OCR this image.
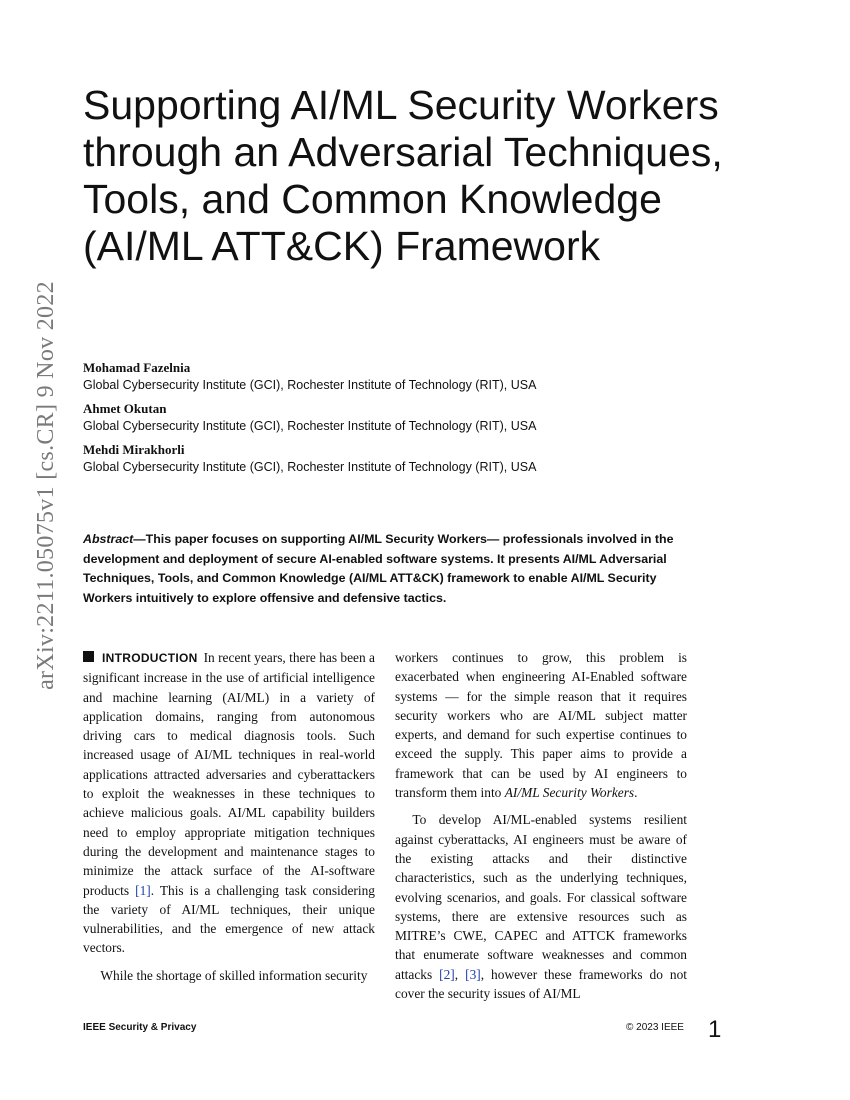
arXiv:2211.05075v1 [cs.CR] 9 Nov 2022
Supporting AI/ML Security Workers through an Adversarial Techniques, Tools, and Common Knowledge (AI/ML ATT&CK) Framework
Mohamad Fazelnia
Global Cybersecurity Institute (GCI), Rochester Institute of Technology (RIT), USA
Ahmet Okutan
Global Cybersecurity Institute (GCI), Rochester Institute of Technology (RIT), USA
Mehdi Mirakhorli
Global Cybersecurity Institute (GCI), Rochester Institute of Technology (RIT), USA

Abstract—This paper focuses on supporting AI/ML Security Workers— professionals involved in the development and deployment of secure AI-enabled software systems. It presents AI/ML Adversarial Techniques, Tools, and Common Knowledge (AI/ML ATT&CK) framework to enable AI/ML Security Workers intuitively to explore offensive and defensive tactics.

INTRODUCTION In recent years, there has been a significant increase in the use of artificial intelligence and machine learning (AI/ML) in a variety of application domains, ranging from autonomous driving cars to medical diagnosis tools. Such increased usage of AI/ML techniques in real-world applications attracted adversaries and cyberattackers to exploit the weaknesses in these techniques to achieve malicious goals. AI/ML capability builders need to employ appropriate mitigation techniques during the development and maintenance stages to minimize the attack surface of the AI-software products [1]. This is a challenging task considering the variety of AI/ML techniques, their unique vulnerabilities, and the emergence of new attack vectors.

While the shortage of skilled information security

workers continues to grow, this problem is exacerbated when engineering AI-Enabled software systems — for the simple reason that it requires security workers who are AI/ML subject matter experts, and demand for such expertise continues to exceed the supply. This paper aims to provide a framework that can be used by AI engineers to transform them into AI/ML Security Workers.

To develop AI/ML-enabled systems resilient against cyberattacks, AI engineers must be aware of the existing attacks and their distinctive characteristics, such as the underlying techniques, evolving scenarios, and goals. For classical software systems, there are extensive resources such as MITRE’s CWE, CAPEC and ATTCK frameworks that enumerate software weaknesses and common attacks [2], [3], however these frameworks do not cover the security issues of AI/ML

IEEE Security & Privacy	© 2023 IEEE 1
